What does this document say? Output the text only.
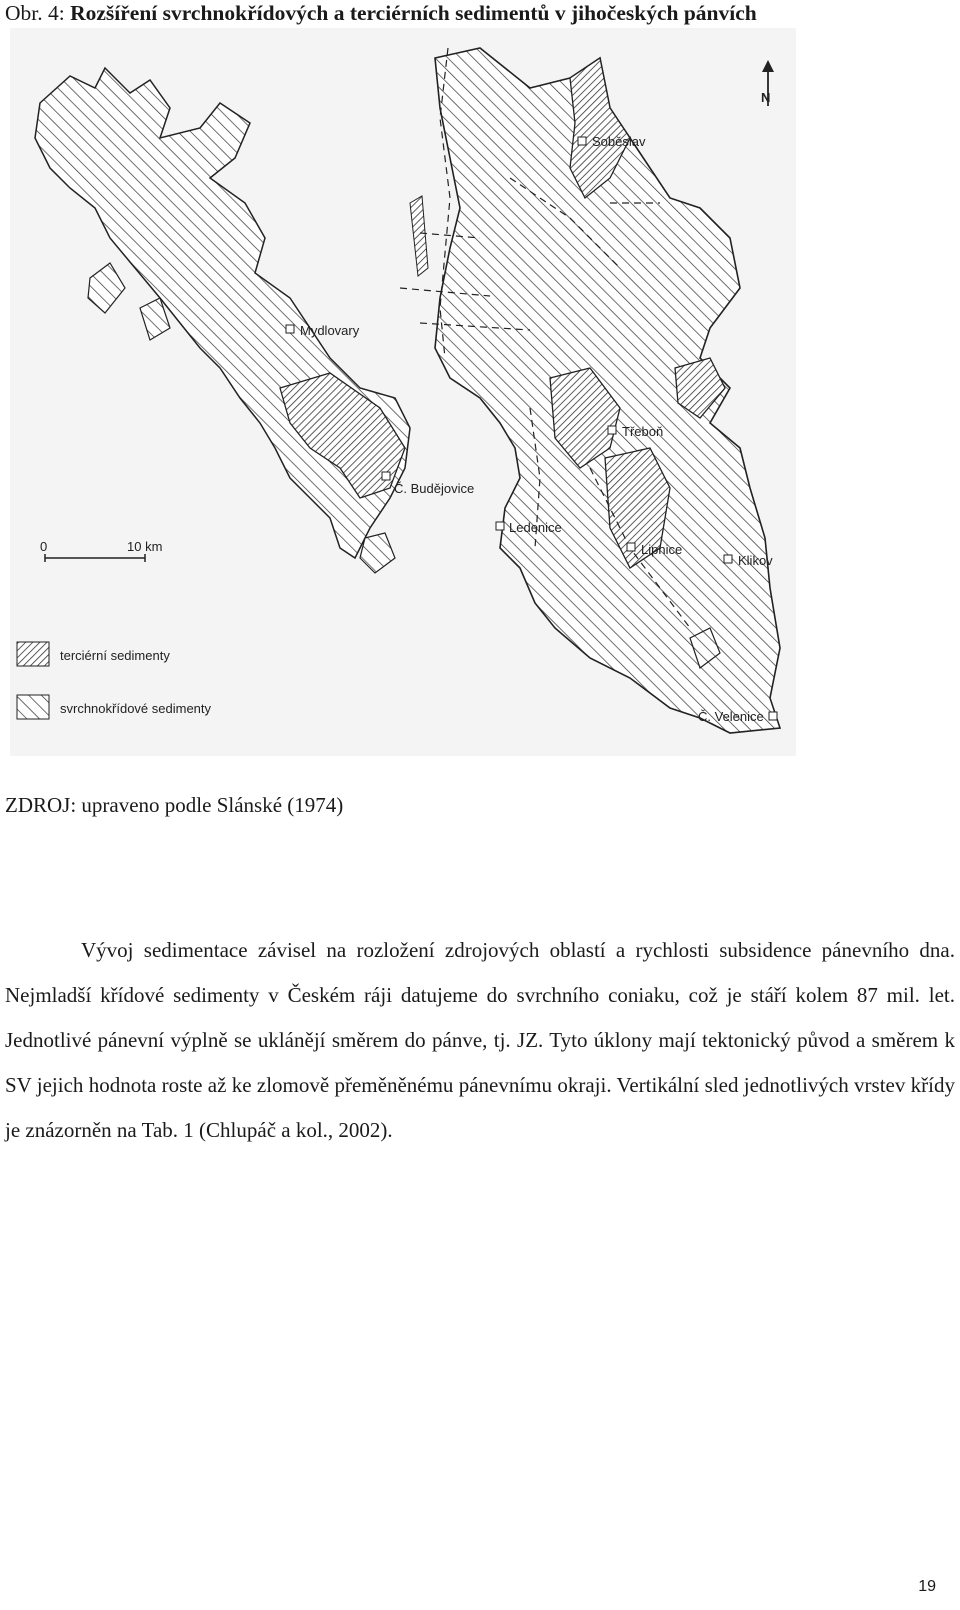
Obr. 4: Rozšíření svrchnokřídových a terciérních sedimentů v jihočeských pánvích
N
0	10 km
Soběslav
Mydlovary
Třeboň
Č. Budějovice
Ledenice
Lipnice
Klikov
Č. Velenice
terciérní sedimenty
svrchnokřídové sedimenty
ZDROJ: upraveno podle Slánské (1974)

Vývoj sedimentace závisel na rozložení zdrojových oblastí a rychlosti subsidence pánevního dna. Nejmladší křídové sedimenty v Českém ráji datujeme do svrchního coniaku, což je stáří kolem 87 mil. let. Jednotlivé pánevní výplně se uklánějí směrem do pánve, tj. JZ. Tyto úklony mají tektonický původ a směrem k SV jejich hodnota roste až ke zlomově přeměněnému pánevnímu okraji. Vertikální sled jednotlivých vrstev křídy je znázorněn na Tab. 1 (Chlupáč a kol., 2002).

19
